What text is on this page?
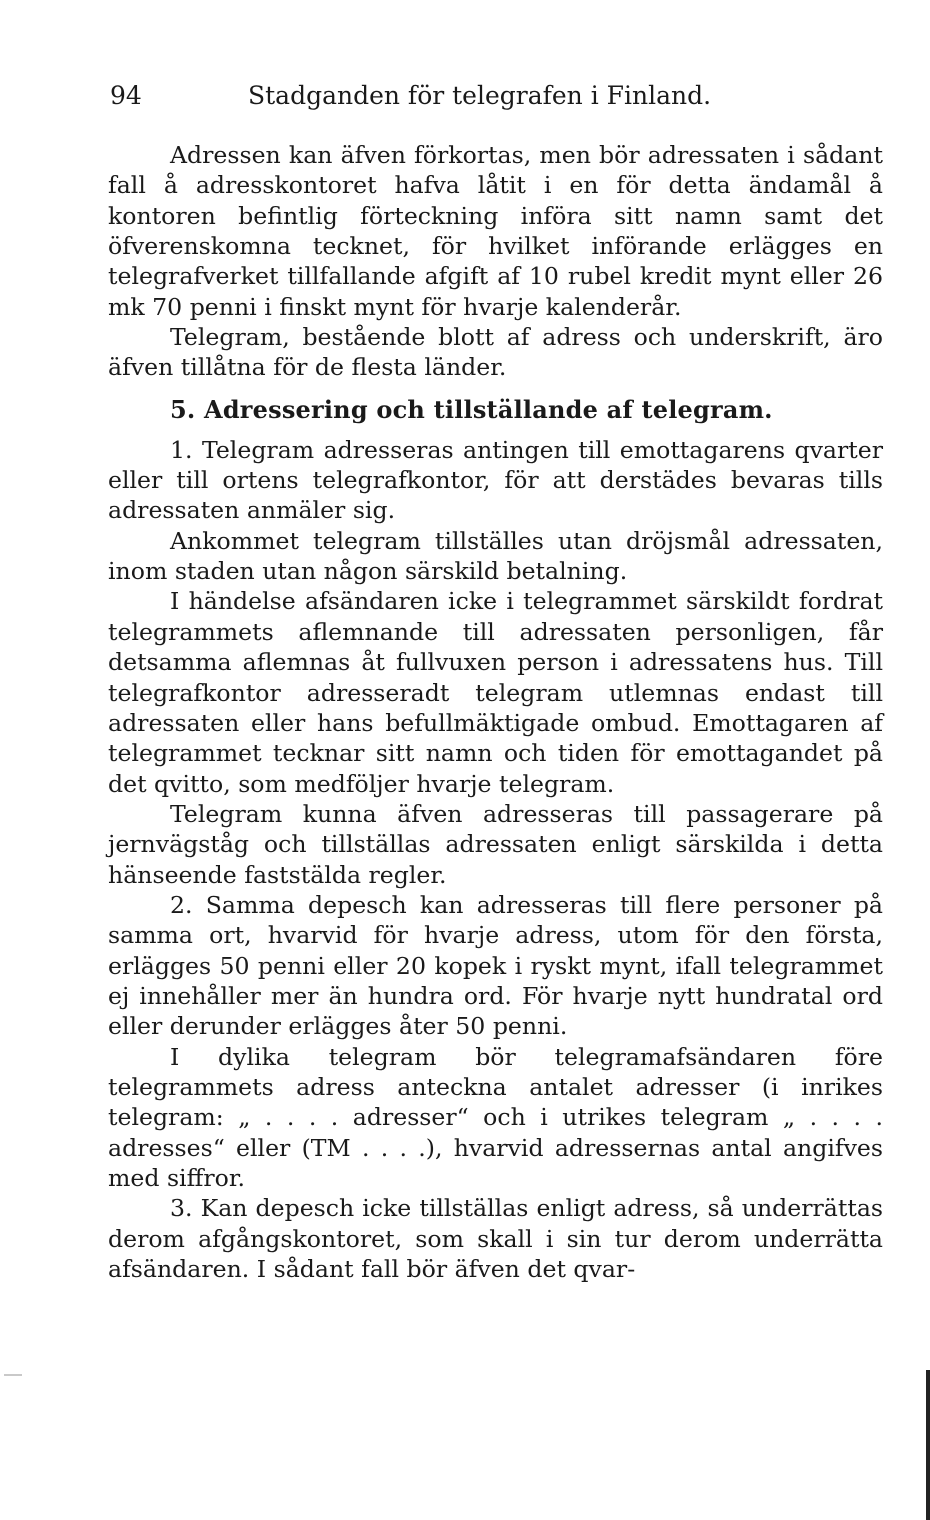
94	Stadganden för telegrafen i Finland.

Adressen kan äfven förkortas, men bör adressaten i sådant fall å adresskontoret hafva låtit i en för detta ändamål å kontoren befintlig förteckning införa sitt namn samt det öfverenskomna tecknet, för hvilket införande erlägges en telegrafverket tillfallande afgift af 10 rubel kredit mynt eller 26 mk 70 penni i finskt mynt för hvarje kalenderår.

Telegram, bestående blott af adress och underskrift, äro äfven tillåtna för de flesta länder.

5. Adressering och tillställande af telegram.

1. Telegram adresseras antingen till emottagarens qvarter eller till ortens telegrafkontor, för att derstädes bevaras tills adressaten anmäler sig.

Ankommet telegram tillställes utan dröjsmål adressaten, inom staden utan någon särskild betalning.

I händelse afsändaren icke i telegrammet särskildt fordrat telegrammets aflemnande till adressaten personligen, får detsamma aflemnas åt fullvuxen person i adressatens hus. Till telegrafkontor adresseradt telegram utlemnas endast till adressaten eller hans befullmäktigade ombud. Emottagaren af telegrammet tecknar sitt namn och tiden för emottagandet på det qvitto, som medföljer hvarje telegram.

Telegram kunna äfven adresseras till passagerare på jernvägståg och tillställas adressaten enligt särskilda i detta hänseende faststälda regler.

2. Samma depesch kan adresseras till flere personer på samma ort, hvarvid för hvarje adress, utom för den första, erlägges 50 penni eller 20 kopek i ryskt mynt, ifall telegrammet ej innehåller mer än hundra ord. För hvarje nytt hundratal ord eller derunder erlägges åter 50 penni.

I dylika telegram bör telegramafsändaren före telegrammets adress anteckna antalet adresser (i inrikes telegram: „ . . . . adresser“ och i utrikes telegram „ . . . . adresses“ eller (TM . . . .), hvarvid adressernas antal angifves med siffror.

3. Kan depesch icke tillställas enligt adress, så underrättas derom afgångskontoret, som skall i sin tur derom underrätta afsändaren. I sådant fall bör äfven det qvar-
